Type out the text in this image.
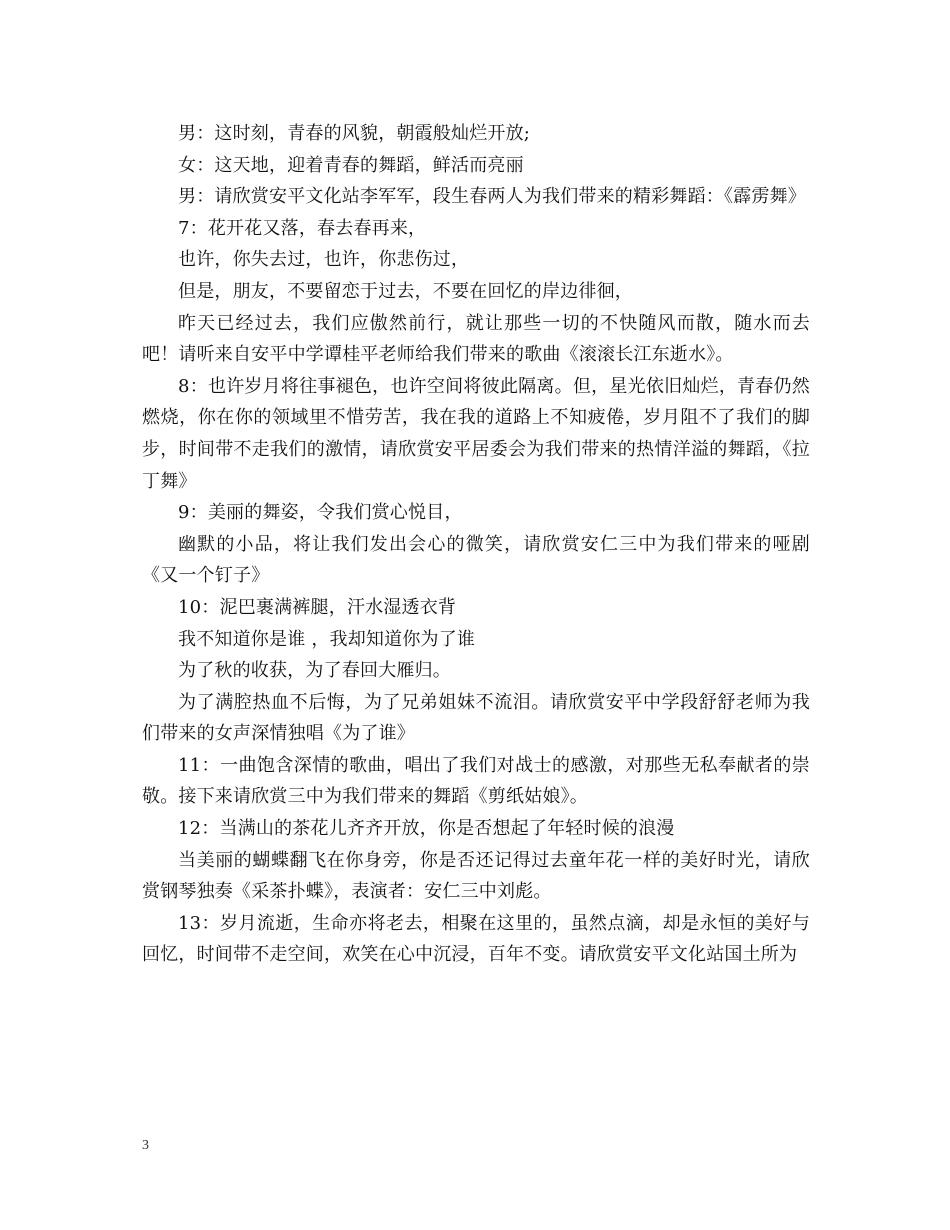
男：这时刻，青春的风貌，朝霞般灿烂开放;

女：这天地，迎着青春的舞蹈，鲜活而亮丽

男：请欣赏安平文化站李军军，段生春两人为我们带来的精彩舞蹈：《霹雳舞》

7：花开花又落，春去春再来，

也许，你失去过，也许，你悲伤过，

但是，朋友，不要留恋于过去，不要在回忆的岸边徘徊，

昨天已经过去，我们应傲然前行，就让那些一切的不快随风而散，随水而去吧！请听来自安平中学谭桂平老师给我们带来的歌曲《滚滚长江东逝水》。

8：也许岁月将往事褪色，也许空间将彼此隔离。但，星光依旧灿烂，青春仍然燃烧，你在你的领域里不惜劳苦，我在我的道路上不知疲倦，岁月阻不了我们的脚步，时间带不走我们的激情，请欣赏安平居委会为我们带来的热情洋溢的舞蹈，《拉丁舞》

9：美丽的舞姿，令我们赏心悦目，

幽默的小品，将让我们发出会心的微笑，请欣赏安仁三中为我们带来的哑剧《又一个钉子》

10：泥巴裹满裤腿，汗水湿透衣背

我不知道你是谁 ，我却知道你为了谁

为了秋的收获，为了春回大雁归。

为了满腔热血不后悔，为了兄弟姐妹不流泪。请欣赏安平中学段舒舒老师为我们带来的女声深情独唱《为了谁》

11：一曲饱含深情的歌曲，唱出了我们对战士的感激，对那些无私奉献者的崇敬。接下来请欣赏三中为我们带来的舞蹈《剪纸姑娘》。

12：当满山的茶花儿齐齐开放，你是否想起了年轻时候的浪漫

当美丽的蝴蝶翻飞在你身旁，你是否还记得过去童年花一样的美好时光，请欣赏钢琴独奏《采茶扑蝶》，表演者：安仁三中刘彪。

13：岁月流逝，生命亦将老去，相聚在这里的，虽然点滴，却是永恒的美好与回忆，时间带不走空间，欢笑在心中沉浸，百年不变。请欣赏安平文化站国土所为

3
